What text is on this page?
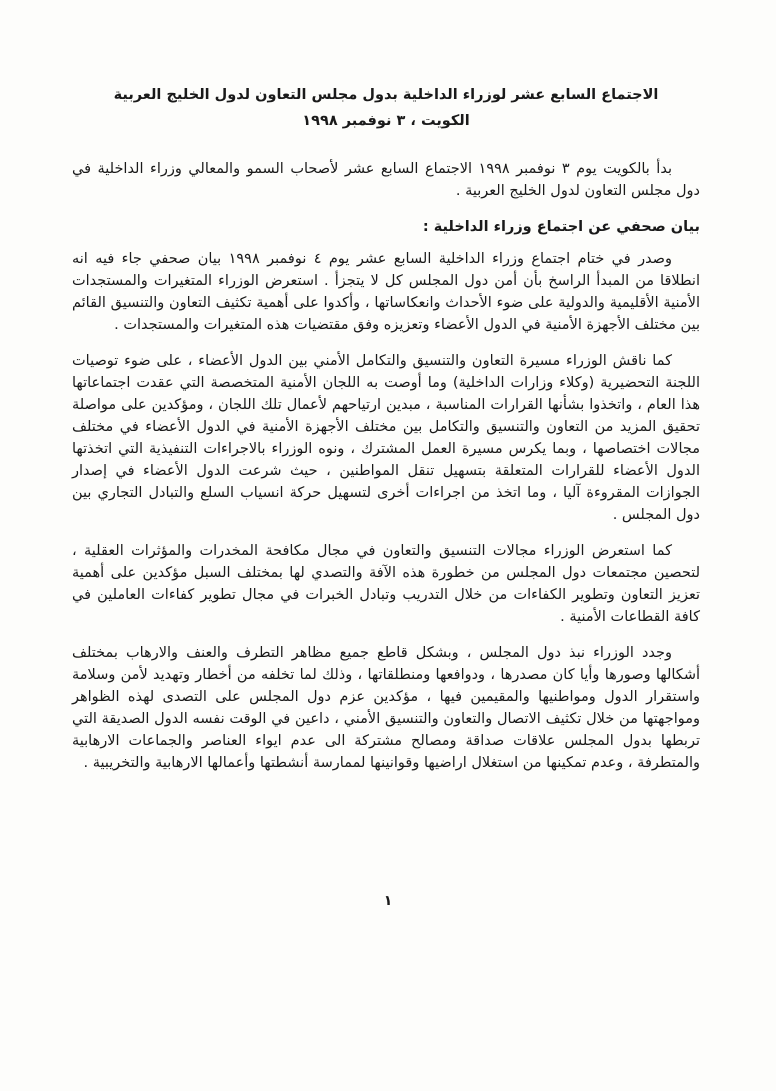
الاجتماع السابع عشر لوزراء الداخلية بدول مجلس التعاون لدول الخليج العربية
الكويت ، ٣ نوفمبر ١٩٩٨

بدأ بالكويت يوم ٣ نوفمبر ١٩٩٨ الاجتماع السابع عشر لأصحاب السمو والمعالي وزراء الداخلية في دول مجلس التعاون لدول الخليج العربية .

بيان صحفي عن اجتماع وزراء الداخلية :

وصدر في ختام اجتماع وزراء الداخلية السابع عشر يوم ٤ نوفمبر ١٩٩٨ بيان صحفي جاء فيه انه انطلاقا من المبدأ الراسخ بأن أمن دول المجلس كل لا يتجزأ . استعرض الوزراء المتغيرات والمستجدات الأمنية الأقليمية والدولية على ضوء الأحداث وانعكاساتها ، وأكدوا على أهمية تكثيف التعاون والتنسيق القائم بين مختلف الأجهزة الأمنية في الدول الأعضاء وتعزيزه وفق مقتضيات هذه المتغيرات والمستجدات .

كما ناقش الوزراء مسيرة التعاون والتنسيق والتكامل الأمني بين الدول الأعضاء ، على ضوء توصيات اللجنة التحضيرية (وكلاء وزارات الداخلية) وما أوصت به اللجان الأمنية المتخصصة التي عقدت اجتماعاتها هذا العام ، واتخذوا بشأنها القرارات المناسبة ، مبدين ارتياحهم لأعمال تلك اللجان ، ومؤكدين على مواصلة تحقيق المزيد من التعاون والتنسيق والتكامل بين مختلف الأجهزة الأمنية في الدول الأعضاء في مختلف مجالات اختصاصها ، وبما يكرس مسيرة العمل المشترك ، ونوه الوزراء بالاجراءات التنفيذية التي اتخذتها الدول الأعضاء للقرارات المتعلقة بتسهيل تنقل المواطنين ، حيث شرعت الدول الأعضاء في إصدار الجوازات المقروءة آليا ، وما اتخذ من اجراءات أخرى لتسهيل حركة انسياب السلع والتبادل التجاري بين دول المجلس .

كما استعرض الوزراء مجالات التنسيق والتعاون في مجال مكافحة المخدرات والمؤثرات العقلية ، لتحصين مجتمعات دول المجلس من خطورة هذه الآفة والتصدي لها بمختلف السبل مؤكدين على أهمية تعزيز التعاون وتطوير الكفاءات من خلال التدريب وتبادل الخبرات في مجال تطوير كفاءات العاملين في كافة القطاعات الأمنية .

وجدد الوزراء نبذ دول المجلس ، وبشكل قاطع جميع مظاهر التطرف والعنف والارهاب بمختلف أشكالها وصورها وأيا كان مصدرها ، ودوافعها ومنطلقاتها ، وذلك لما تخلفه من أخطار وتهديد لأمن وسلامة واستقرار الدول ومواطنيها والمقيمين فيها ، مؤكدين عزم دول المجلس على التصدى لهذه الظواهر ومواجهتها من خلال تكثيف الاتصال والتعاون والتنسيق الأمني ، داعين في الوقت نفسه الدول الصديقة التي تربطها بدول المجلس علاقات صداقة ومصالح مشتركة الى عدم ايواء العناصر والجماعات الارهابية والمتطرفة ، وعدم تمكينها من استغلال اراضيها وقوانينها لممارسة أنشطتها وأعمالها الارهابية والتخريبية .

١
